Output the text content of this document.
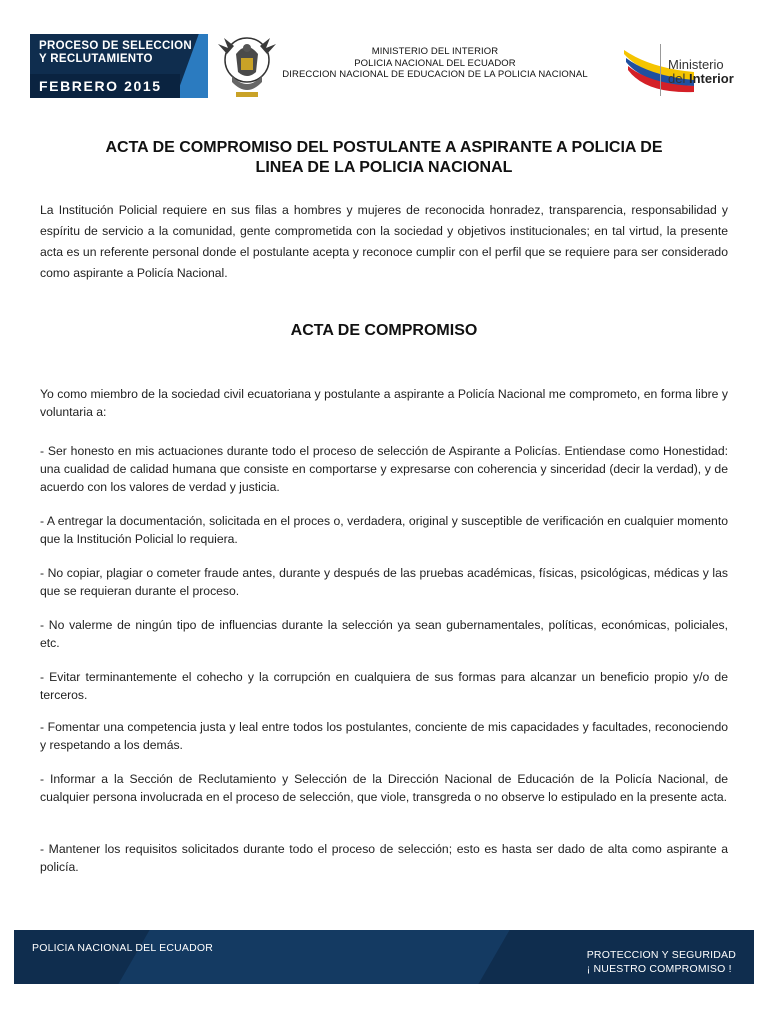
PROCESO DE SELECCION
Y RECLUTAMIENTO
FEBRERO 2015
MINISTERIO DEL INTERIOR
POLICIA NACIONAL DEL ECUADOR
DIRECCION NACIONAL DE EDUCACION DE LA POLICIA NACIONAL
Ministerio
del Interior
ACTA DE COMPROMISO DEL POSTULANTE A ASPIRANTE A POLICIA DE
LINEA DE LA POLICIA NACIONAL
La Institución Policial requiere en sus filas a hombres y mujeres de reconocida honradez, transparencia, responsabilidad y espíritu de servicio a la comunidad, gente comprometida con la sociedad y objetivos institucionales; en tal virtud, la presente acta es un referente personal donde el postulante acepta y reconoce cumplir con el perfil que se requiere para ser considerado como aspirante a Policía Nacional.
ACTA DE COMPROMISO
Yo como miembro de la sociedad civil ecuatoriana y postulante a aspirante a Policía Nacional me comprometo, en forma libre y voluntaria a:
- Ser honesto en mis actuaciones durante todo el proceso de selección de Aspirante a Policías. Entiendase como Honestidad: una cualidad de calidad humana que consiste en comportarse y expresarse con coherencia y sinceridad (decir la verdad), y de acuerdo con los valores de verdad y justicia.
- A entregar la documentación, solicitada en el proces o, verdadera, original y susceptible de verificación en cualquier momento que la Institución Policial lo requiera.
- No copiar, plagiar o cometer fraude antes, durante y después de las pruebas académicas, físicas, psicológicas, médicas y las que se requieran durante el proceso.
- No valerme de ningún tipo de influencias durante la selección ya sean gubernamentales, políticas, económicas, policiales, etc.
- Evitar terminantemente el cohecho y la corrupción en cualquiera de sus formas para alcanzar un beneficio propio y/o de terceros.
- Fomentar una competencia justa y leal entre todos los postulantes, conciente de mis capacidades y facultades, reconociendo y respetando a los demás.
- Informar a la Sección de Reclutamiento y Selección de la Dirección Nacional de Educación de la Policía Nacional, de cualquier persona involucrada en el proceso de selección, que viole, transgreda o no observe lo estipulado en la presente acta.
- Mantener los requisitos solicitados durante todo el proceso de selección; esto es hasta ser dado de alta como aspirante a policía.
POLICIA NACIONAL DEL ECUADOR
PROTECCION Y SEGURIDAD
¡ NUESTRO COMPROMISO !
